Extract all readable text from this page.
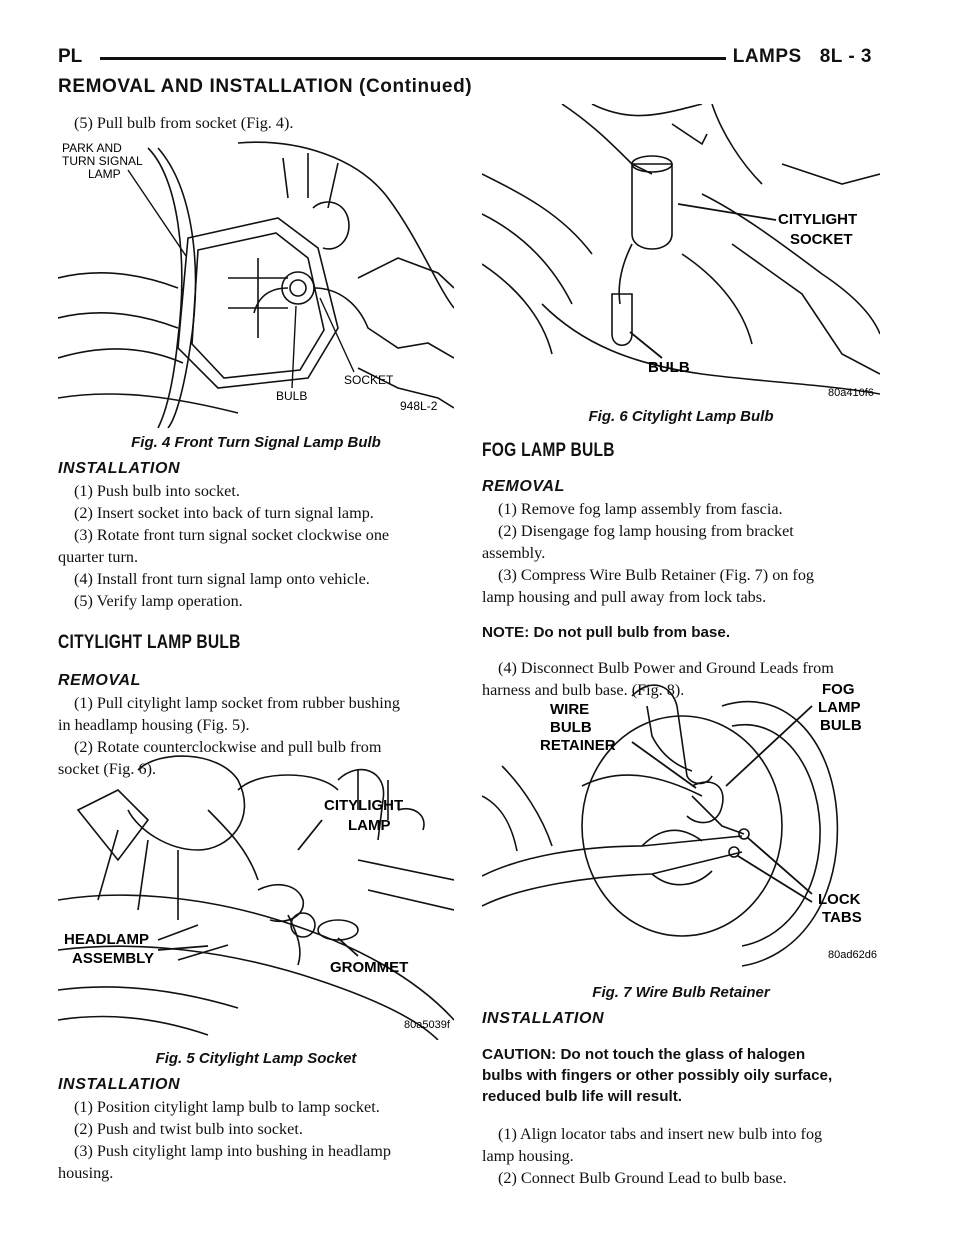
PL	LAMPS 8L - 3
REMOVAL AND INSTALLATION (Continued)

(5) Pull bulb from socket (Fig. 4).

PARK AND
TURN SIGNAL
LAMP
BULB
SOCKET
948L-2

Fig. 4 Front Turn Signal Lamp Bulb

INSTALLATION

(1) Push bulb into socket.

(2) Insert socket into back of turn signal lamp.

(3) Rotate front turn signal socket clockwise one

quarter turn.

(4) Install front turn signal lamp onto vehicle.

(5) Verify lamp operation.

CITYLIGHT LAMP BULB

REMOVAL

(1) Pull citylight lamp socket from rubber bushing

in headlamp housing (Fig. 5).

(2) Rotate counterclockwise and pull bulb from

socket (Fig. 6).

CITYLIGHT
LAMP
HEADLAMP
ASSEMBLY
GROMMET
80a5039f

Fig. 5 Citylight Lamp Socket

INSTALLATION

(1) Position citylight lamp bulb to lamp socket.

(2) Push and twist bulb into socket.

(3) Push citylight lamp into bushing in headlamp

housing.

CITYLIGHT
SOCKET
BULB
80a410f6

Fig. 6 Citylight Lamp Bulb

FOG LAMP BULB

REMOVAL

(1) Remove fog lamp assembly from fascia.

(2) Disengage fog lamp housing from bracket

assembly.

(3) Compress Wire Bulb Retainer (Fig. 7) on fog

lamp housing and pull away from lock tabs.

NOTE: Do not pull bulb from base.

(4) Disconnect Bulb Power and Ground Leads from

harness and bulb base. (Fig. 8).

WIRE
BULB
RETAINER
FOG
LAMP
BULB
LOCK
TABS
80ad62d6

Fig. 7 Wire Bulb Retainer

INSTALLATION

CAUTION: Do not touch the glass of halogen

bulbs with fingers or other possibly oily surface,

reduced bulb life will result.

(1) Align locator tabs and insert new bulb into fog

lamp housing.

(2) Connect Bulb Ground Lead to bulb base.
